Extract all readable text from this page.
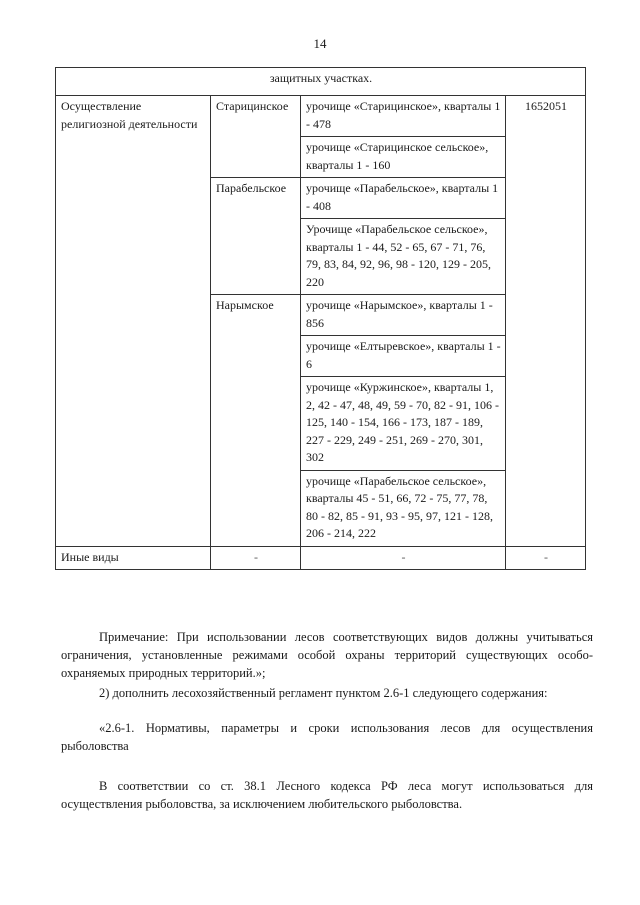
14
защитных участках.			
Осуществление религиозной деятельности	Старицинское	урочище «Старицинское», кварталы 1 - 478	1652051
		урочище «Старицинское сельское», кварталы 1 - 160	
	Парабельское	урочище «Парабельское», кварталы 1 - 408	
		Урочище «Парабельское сельское», кварталы 1 - 44, 52 - 65, 67 - 71, 76, 79, 83, 84, 92, 96, 98 - 120, 129 - 205, 220	
	Нарымское	урочище «Нарымское», кварталы 1 - 856	
		урочище «Елтыревское», кварталы 1 - 6	
		урочище «Куржинское», кварталы 1, 2, 42 - 47, 48, 49, 59 - 70, 82 - 91, 106 - 125, 140 - 154, 166 - 173, 187 - 189, 227 - 229, 249 - 251, 269 - 270, 301, 302	
		урочище «Парабельское сельское», кварталы 45 - 51, 66, 72 - 75, 77, 78, 80 - 82, 85 - 91, 93 - 95, 97, 121 - 128, 206 - 214, 222	
Иные виды	-	-	-

Примечание: При использовании лесов соответствующих видов должны учитываться ограничения, установленные режимами особой охраны территорий существующих особо-охраняемых природных территорий.»;

2) дополнить лесохозяйственный регламент пунктом 2.6-1 следующего содержания:

«2.6-1. Нормативы, параметры и сроки использования лесов для осуществления рыболовства

В соответствии со ст. 38.1 Лесного кодекса РФ леса могут использоваться для осуществления рыболовства, за исключением любительского рыболовства.
